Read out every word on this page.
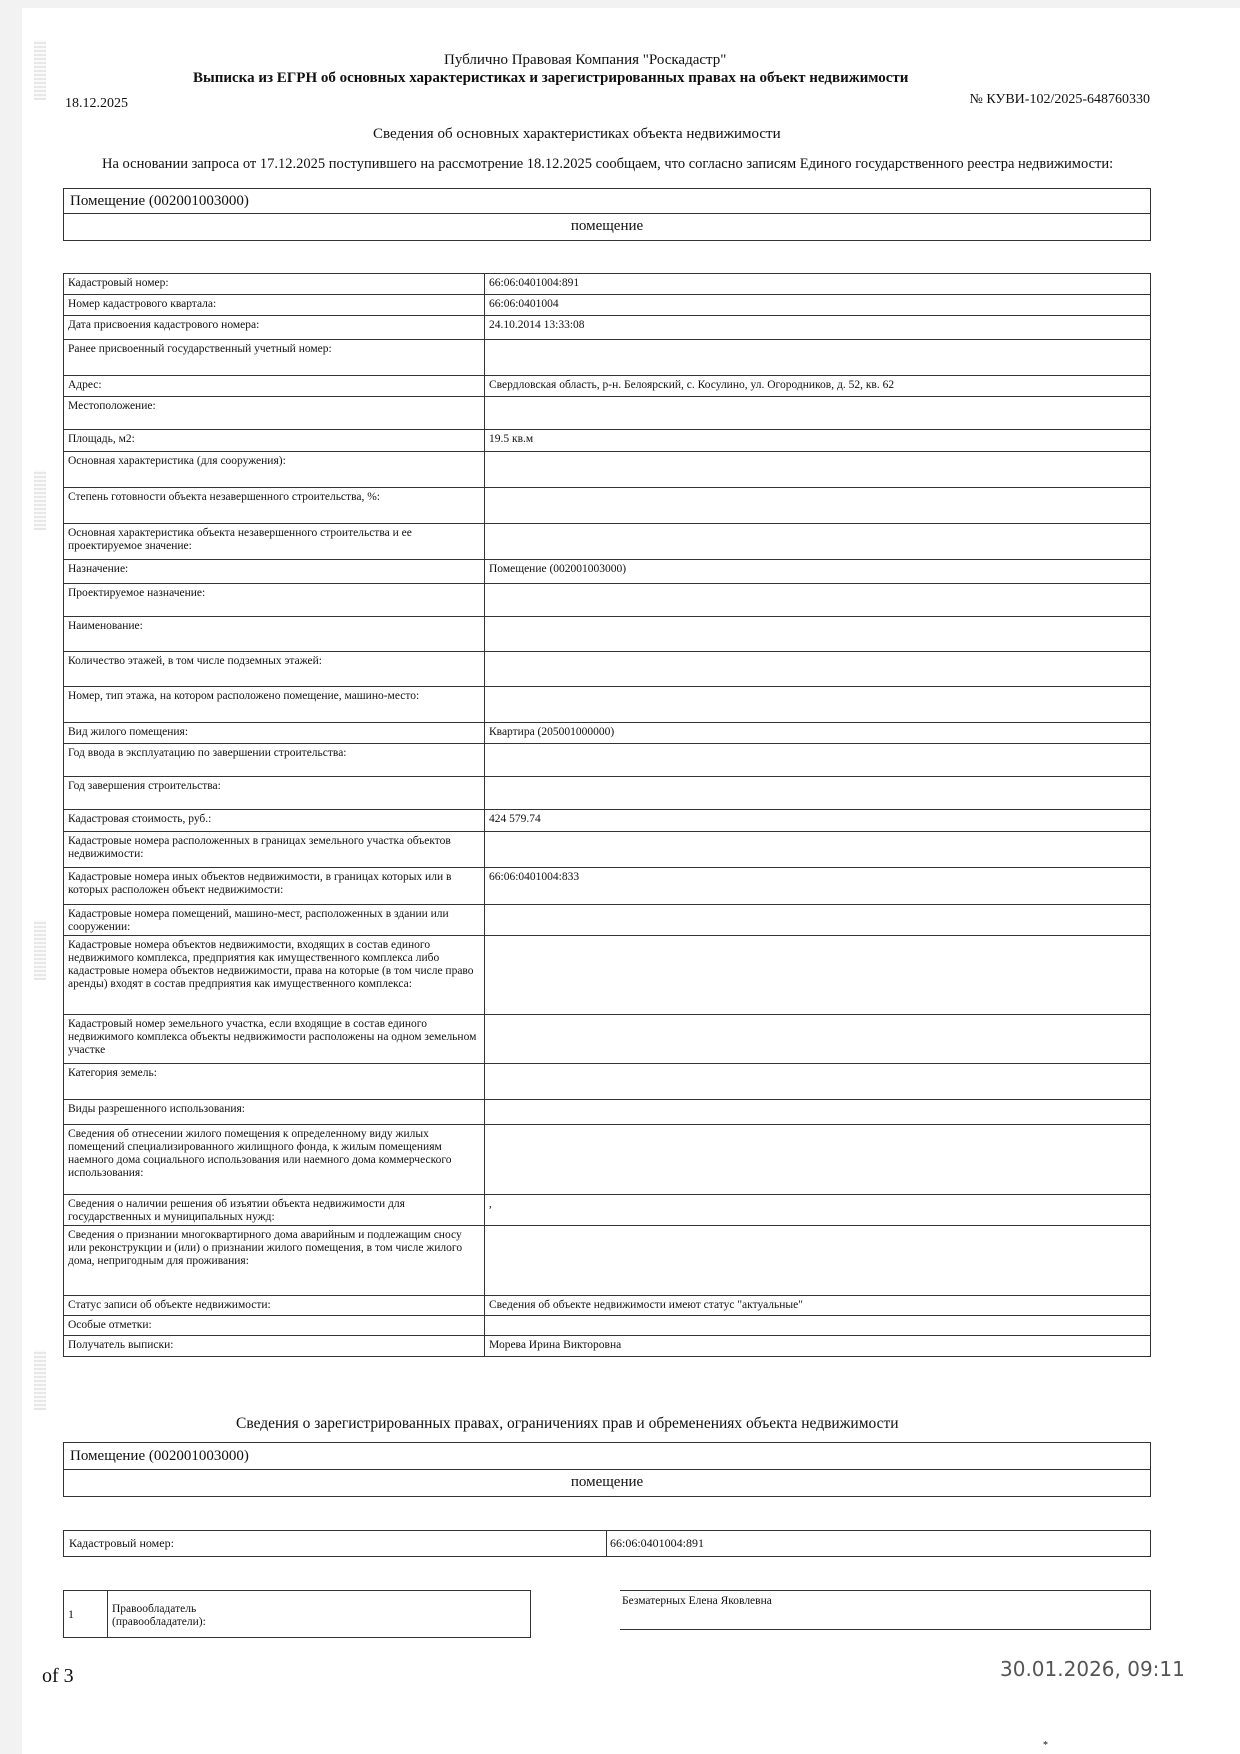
Публично Правовая Компания "Роскадастр"
Выписка из ЕГРН об основных характеристиках и зарегистрированных правах на объект недвижимости
18.12.2025	№ КУВИ-102/2025-648760330
Сведения об основных характеристиках объекта недвижимости
На основании запроса от 17.12.2025 поступившего на рассмотрение 18.12.2025 сообщаем, что согласно записям Единого государственного реестра недвижимости:
Помещение (002001003000)
помещение
Кадастровый номер:	66:06:0401004:891
Номер кадастрового квартала:	66:06:0401004
Дата присвоения кадастрового номера:	24.10.2014 13:33:08
Ранее присвоенный государственный учетный номер:	
Адрес:	Свердловская область, р-н. Белоярский, с. Косулино, ул. Огородников, д. 52, кв. 62
Местоположение:	
Площадь, м2:	19.5 кв.м
Основная характеристика (для сооружения):	
Степень готовности объекта незавершенного строительства, %:	
Основная характеристика объекта незавершенного строительства и ее проектируемое значение:	
Назначение:	Помещение (002001003000)
Проектируемое назначение:	
Наименование:	
Количество этажей, в том числе подземных этажей:	
Номер, тип этажа, на котором расположено помещение, машино-место:	
Вид жилого помещения:	Квартира (205001000000)
Год ввода в эксплуатацию по завершении строительства:	
Год завершения строительства:	
Кадастровая стоимость, руб.:	424 579.74
Кадастровые номера расположенных в границах земельного участка объектов недвижимости:	
Кадастровые номера иных объектов недвижимости, в границах которых или в которых расположен объект недвижимости:	66:06:0401004:833
Кадастровые номера помещений, машино-мест, расположенных в здании или сооружении:	
Кадастровые номера объектов недвижимости, входящих в состав единого недвижимого комплекса, предприятия как имущественного комплекса либо кадастровые номера объектов недвижимости, права на которые (в том числе право аренды) входят в состав предприятия как имущественного комплекса:	
Кадастровый номер земельного участка, если входящие в состав единого недвижимого комплекса объекты недвижимости расположены на одном земельном участке	
Категория земель:	
Виды разрешенного использования:	
Сведения об отнесении жилого помещения к определенному виду жилых помещений специализированного жилищного фонда, к жилым помещениям наемного дома социального использования или наемного дома коммерческого использования:	
Сведения о наличии решения об изъятии объекта недвижимости для государственных и муниципальных нужд:	,
Сведения о признании многоквартирного дома аварийным и подлежащим сносу или реконструкции и (или) о признании жилого помещения, в том числе жилого дома, непригодным для проживания:	
Статус записи об объекте недвижимости:	Сведения об объекте недвижимости имеют статус "актуальные"
Особые отметки:	
Получатель выписки:	Морева Ирина Викторовна
Сведения о зарегистрированных правах, ограничениях прав и обременениях объекта недвижимости
Помещение (002001003000)
помещение
Кадастровый номер:	66:06:0401004:891
1	Правообладатель (правообладатели):
Безматерных Елена Яковлевна
of 3	30.01.2026, 09:11
*
